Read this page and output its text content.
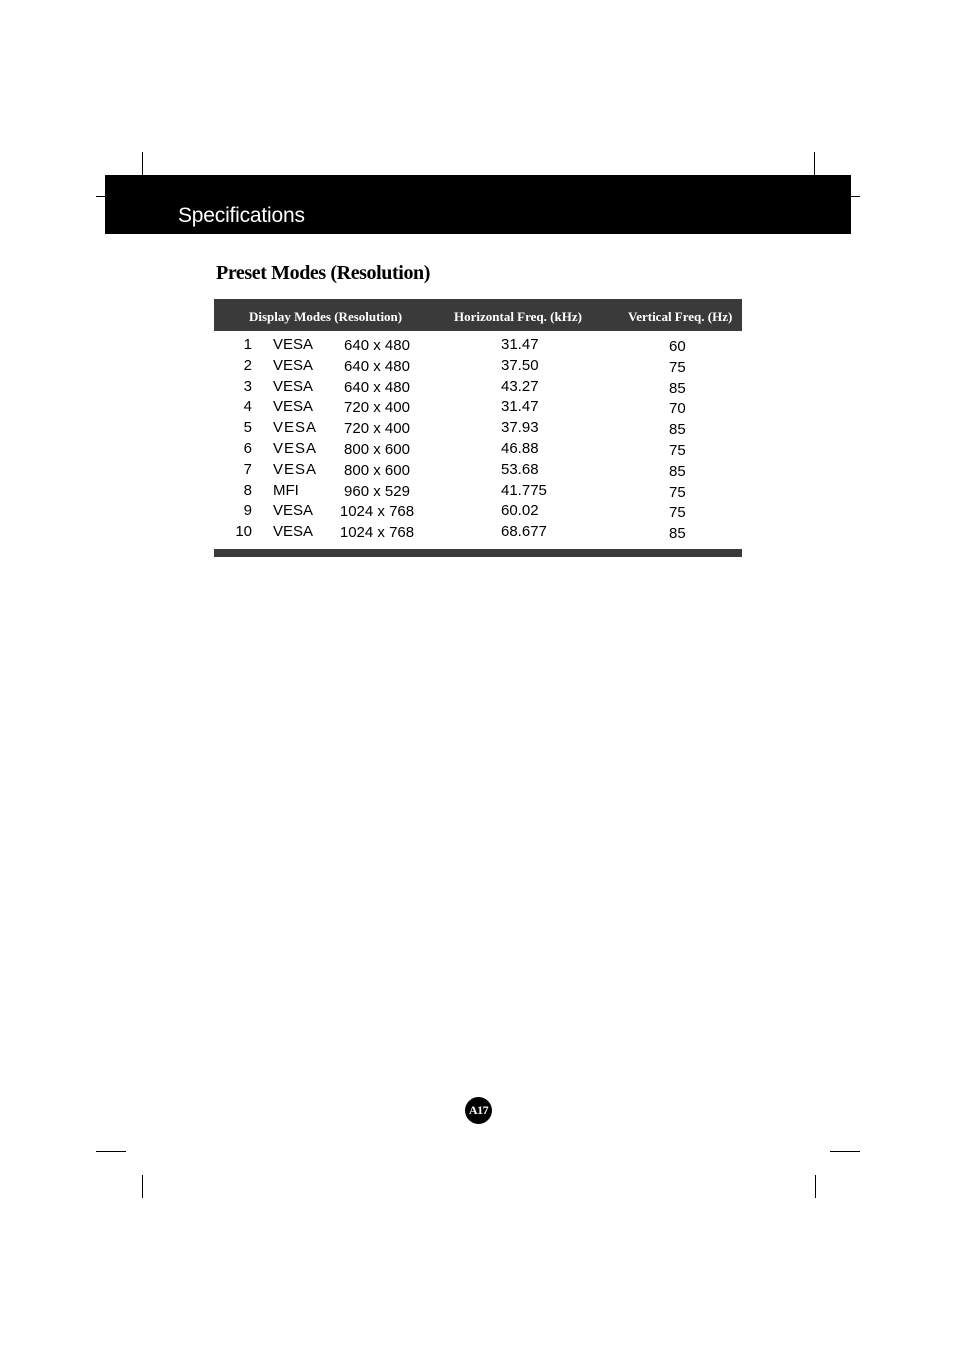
Specifications
Preset Modes (Resolution)
Display Modes (Resolution)	Horizontal Freq. (kHz)	Vertical Freq. (Hz)
1 VESA	640 x 480	31.47	60
2 VESA	640 x 480	37.50	75
3 VESA	640 x 480	43.27	85
4 VESA	720 x 400	31.47	70
5 VESA	720 x 400	37.93	85
6 VESA	800 x 600	46.88	75
7 VESA	800 x 600	53.68	85
8 MFI	960 x 529	41.775	75
9 VESA 1024 x 768	60.02	75
10 VESA 1024 x 768	68.677	85
A17
